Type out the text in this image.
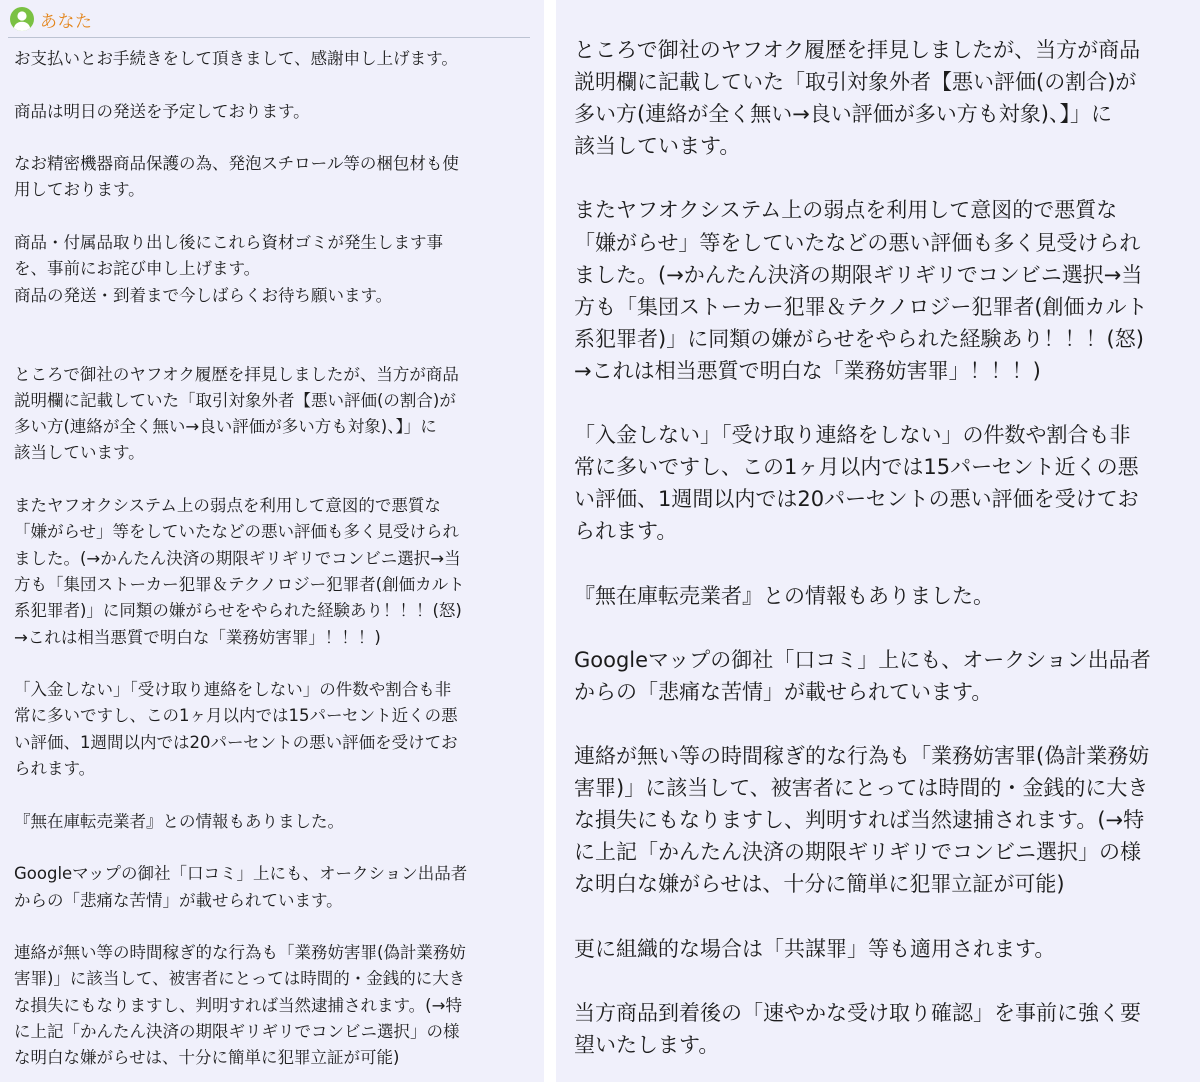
あなた
お支払いとお手続きをして頂きまして、感謝申し上げます。

商品は明日の発送を予定しております。

なお精密機器商品保護の為、発泡スチロール等の梱包材も使
用しております。

商品・付属品取り出し後にこれら資材ゴミが発生します事
を、事前にお詫び申し上げます。
商品の発送・到着まで今しばらくお待ち願います。

ところで御社のヤフオク履歴を拝見しましたが、当方が商品
説明欄に記載していた「取引対象外者【悪い評価(の割合)が
多い方(連絡が全く無い→良い評価が多い方も対象)、】」に
該当しています。

またヤフオクシステム上の弱点を利用して意図的で悪質な
「嫌がらせ」等をしていたなどの悪い評価も多く見受けられ
ました。(→かんたん決済の期限ギリギリでコンビニ選択→当
方も「集団ストーカー犯罪＆テクノロジー犯罪者(創価カルト
系犯罪者)」に同類の嫌がらせをやられた経験あり！！！(怒)
→これは相当悪質で明白な「業務妨害罪」！！！)

「入金しない」「受け取り連絡をしない」の件数や割合も非
常に多いですし、この1ヶ月以内では15パーセント近くの悪
い評価、1週間以内では20パーセントの悪い評価を受けてお
られます。

『無在庫転売業者』との情報もありました。

Googleマップの御社「口コミ」上にも、オークション出品者
からの「悲痛な苦情」が載せられています。

連絡が無い等の時間稼ぎ的な行為も「業務妨害罪(偽計業務妨
害罪)」に該当して、被害者にとっては時間的・金銭的に大き
な損失にもなりますし、判明すれば当然逮捕されます。(→特
に上記「かんたん決済の期限ギリギリでコンビニ選択」の様
な明白な嫌がらせは、十分に簡単に犯罪立証が可能)
ところで御社のヤフオク履歴を拝見しましたが、当方が商品
説明欄に記載していた「取引対象外者【悪い評価(の割合)が
多い方(連絡が全く無い→良い評価が多い方も対象)、】」に
該当しています。

またヤフオクシステム上の弱点を利用して意図的で悪質な
「嫌がらせ」等をしていたなどの悪い評価も多く見受けられ
ました。(→かんたん決済の期限ギリギリでコンビニ選択→当
方も「集団ストーカー犯罪＆テクノロジー犯罪者(創価カルト
系犯罪者)」に同類の嫌がらせをやられた経験あり！！！(怒)
→これは相当悪質で明白な「業務妨害罪」！！！)

「入金しない」「受け取り連絡をしない」の件数や割合も非
常に多いですし、この1ヶ月以内では15パーセント近くの悪
い評価、1週間以内では20パーセントの悪い評価を受けてお
られます。

『無在庫転売業者』との情報もありました。

Googleマップの御社「口コミ」上にも、オークション出品者
からの「悲痛な苦情」が載せられています。

連絡が無い等の時間稼ぎ的な行為も「業務妨害罪(偽計業務妨
害罪)」に該当して、被害者にとっては時間的・金銭的に大き
な損失にもなりますし、判明すれば当然逮捕されます。(→特
に上記「かんたん決済の期限ギリギリでコンビニ選択」の様
な明白な嫌がらせは、十分に簡単に犯罪立証が可能)

更に組織的な場合は「共謀罪」等も適用されます。

当方商品到着後の「速やかな受け取り確認」を事前に強く要
望いたします。
